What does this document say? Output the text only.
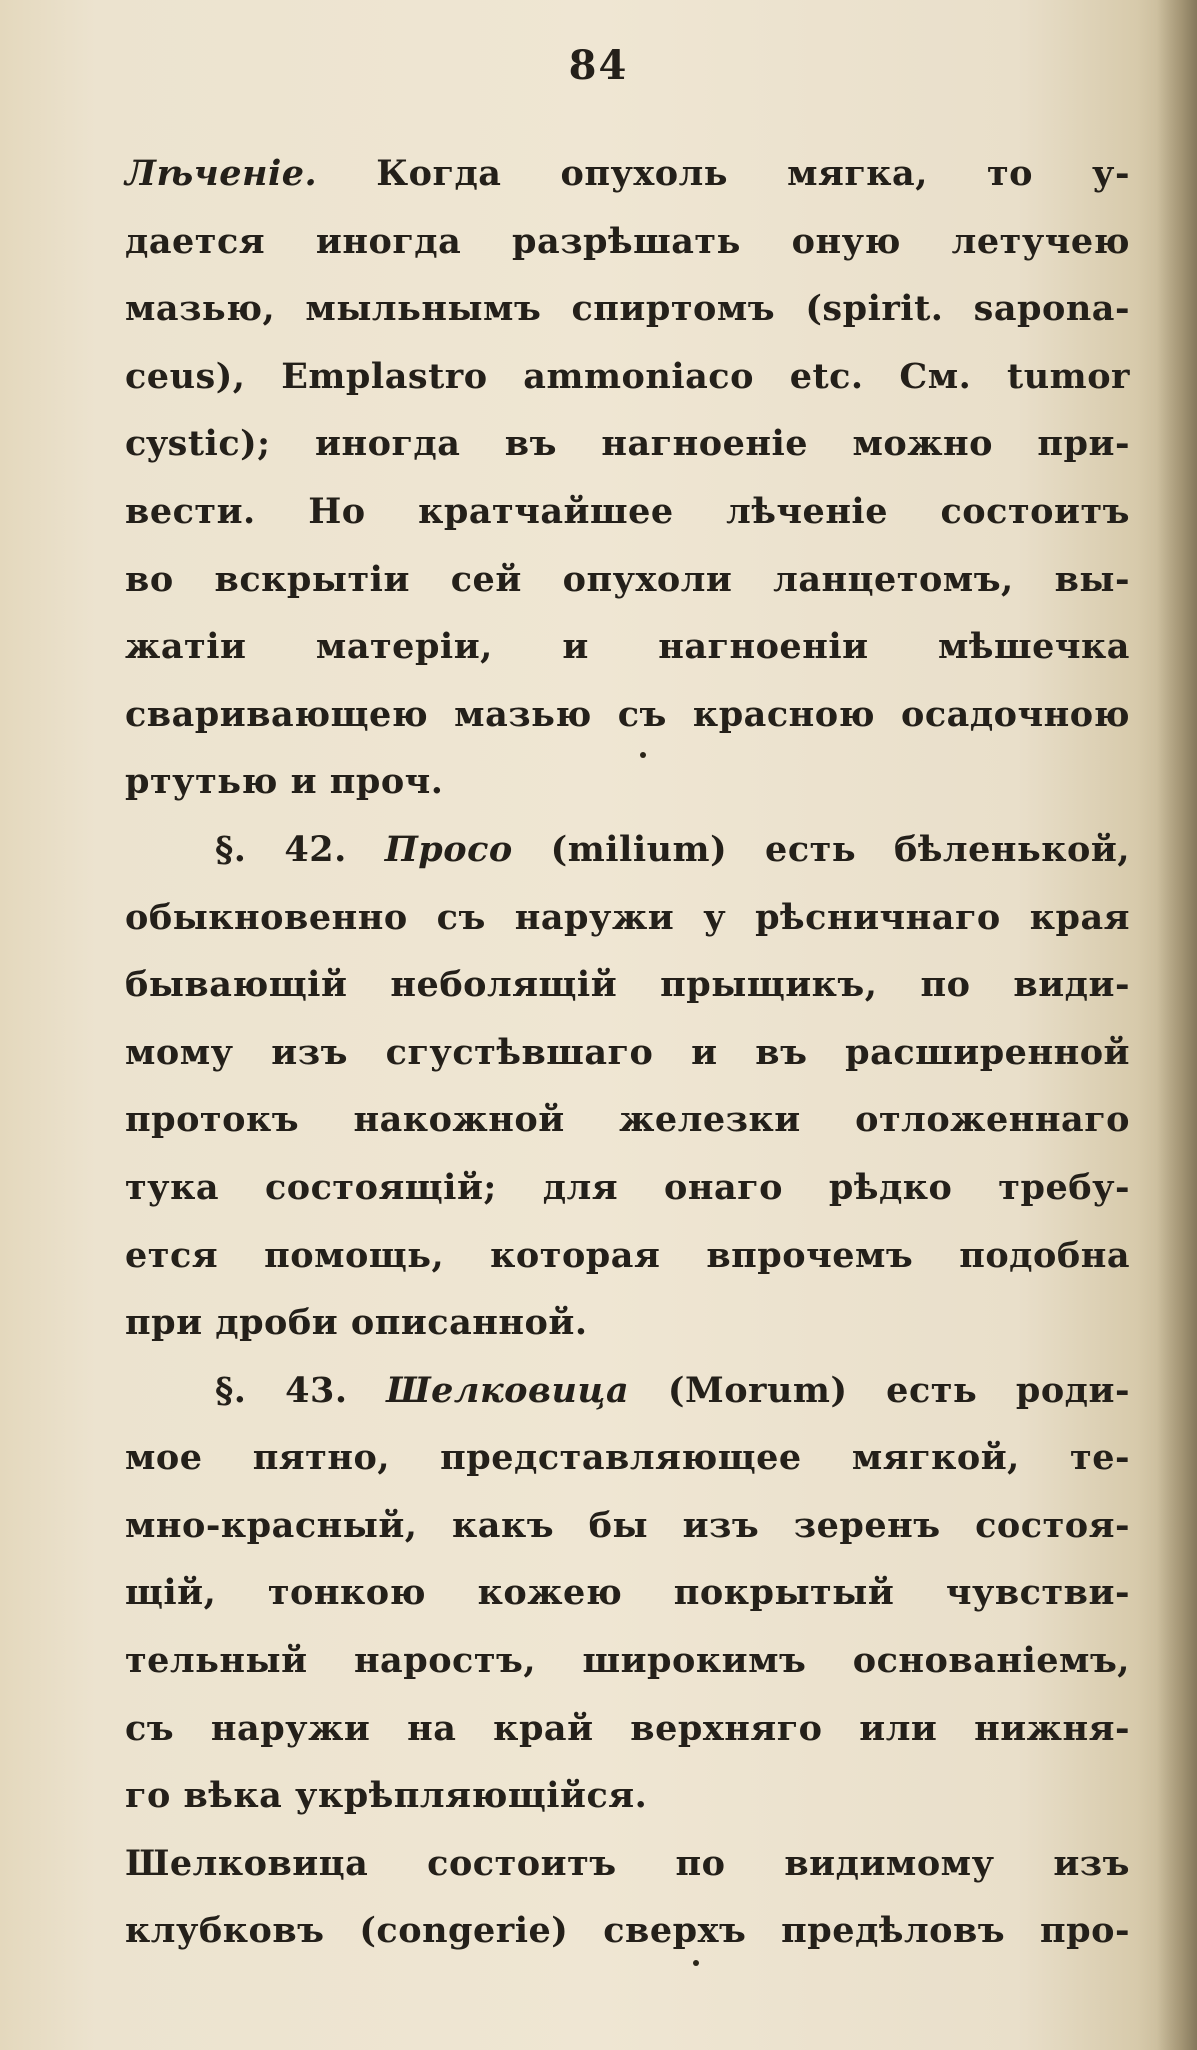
84
Лѣченіе. Когда опухоль мягка, то у-
дается иногда разрѣшать оную летучею
мазью, мыльнымъ спиртомъ (spirit. sapona-
ceus), Emplastro ammoniaco etc. См. tumor
cystic); иногда въ нагноеніе можно при-
вести. Но кратчайшее лѣченіе состоитъ
во вскрытіи сей опухоли ланцетомъ, вы-
жатіи матеріи, и нагноеніи мѣшечка
сваривающею мазью съ красною осадочною
ртутью и проч.
§. 42. Просо (milium) есть бѣленькой,
обыкновенно съ наружи у рѣсничнаго края
бывающій неболящій прыщикъ, по види-
мому изъ сгустѣвшаго и въ расширенной
протокъ накожной железки отложеннаго
тука состоящій; для онаго рѣдко требу-
ется помощь, которая впрочемъ подобна
при дроби описанной.
§. 43. Шелковица (Morum) есть роди-
мое пятно, представляющее мягкой, те-
мно-красный, какъ бы изъ зеренъ состоя-
щій, тонкою кожею покрытый чувстви-
тельный наростъ, широкимъ основаніемъ,
съ наружи на край верхняго или нижня-
го вѣка укрѣпляющійся.
Шелковица состоитъ по видимому изъ
клубковъ (congerie) сверхъ предѣловъ про-
